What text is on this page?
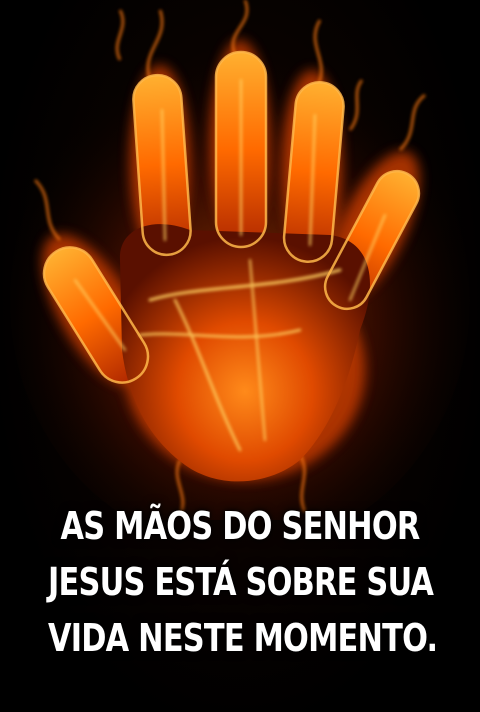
AS MÃOS DO SENHOR
JESUS ESTÁ SOBRE SUA
VIDA NESTE MOMENTO.
